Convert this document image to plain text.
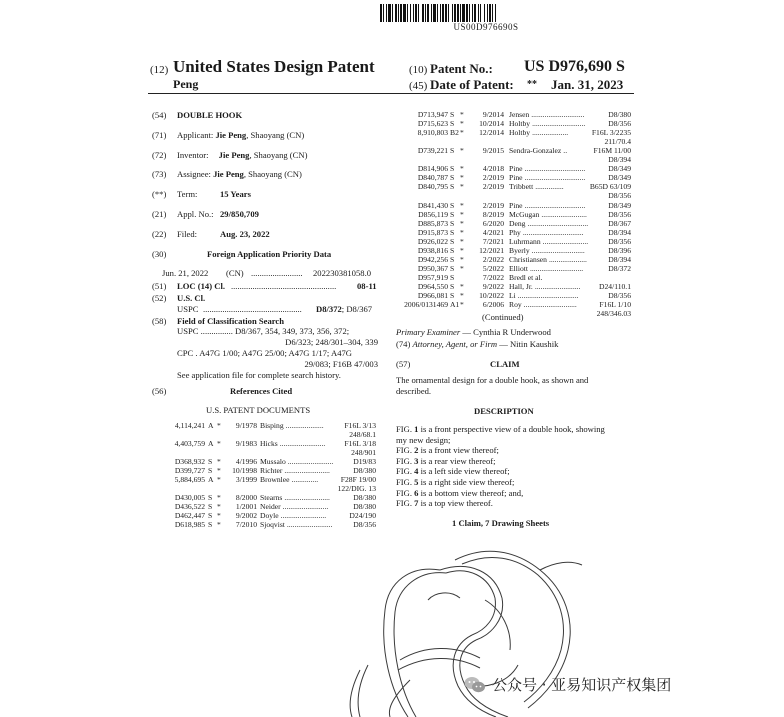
US00D976690S
(12) United States Design Patent
Peng
(10) Patent No.: US D976,690 S
(45) Date of Patent: ** Jan. 31, 2023
(54) DOUBLE HOOK
(71) Applicant: Jie Peng, Shaoyang (CN)
(72) Inventor: Jie Peng, Shaoyang (CN)
(73) Assignee: Jie Peng, Shaoyang (CN)
(**) Term:	15 Years
(21) Appl. No.: 29/850,709
(22) Filed:	Aug. 23, 2022
(30)	Foreign Application Priority Data
Jun. 21, 2022 (CN) ........................ 202230381058.0
(51) LOC (14) Cl. ................................................. 08-11
(52) U.S. Cl.
USPC .............................................. D8/372; D8/367
(58) Field of Classification Search
USPC ............... D8/367, 354, 349, 373, 356, 372;
D6/323; 248/301–304, 339
CPC . A47G 1/00; A47G 25/00; A47G 1/17; A47G
29/083; F16B 47/003
See application file for complete search history.
(56)	References Cited
U.S. PATENT DOCUMENTS
4,114,241 A *	9/1978 Bisping ....................	F16L 3/13
248/68.1
4,403,759 A *	9/1983 Hicks ........................	F16L 3/18
248/901
D368,932 S *	4/1996 Mussalo ........................	D19/83
D399,727 S *	10/1998 Richter ........................	D8/380
5,884,695 A *	3/1999 Brownlee ..............	F28F 19/00
122/DIG. 13
D430,005 S *	8/2000 Stearns ........................	D8/380
D436,522 S *	1/2001 Neider ........................	D8/380
D462,447 S *	9/2002 Doyle ........................	D24/190
D618,985 S *	7/2010 Sjoqvist ........................	D8/356
D713,947 S *	9/2014 Jensen ............................	D8/380
D715,623 S *	10/2014 Holtby ............................	D8/356
8,910,803 B2 *	12/2014 Holtby ...................	F16L 3/2235
211/70.4
D739,221 S *	9/2015 Sendra-Gonzalez ..	F16M 11/00
D8/394
D814,906 S *	4/2018 Pine ................................	D8/349
D840,787 S *	2/2019 Pine ................................	D8/349
D840,795 S *	2/2019 Tribbett ...............	B65D 63/109
D8/356
D841,430 S *	2/2019 Pine ................................	D8/349
D856,119 S *	8/2019 McGugan ........................	D8/356
D885,873 S *	6/2020 Deng ................................	D8/367
D915,873 S *	4/2021 Phy ................................	D8/394
D926,022 S *	7/2021 Luhrmann ........................	D8/356
D938,816 S *	12/2021 Byerly ............................	D8/396
D942,256 S *	2/2022 Christiansen ....................	D8/394
D950,367 S *	5/2022 Elliott ............................	D8/372
D957,919 S	7/2022 Bredl et al.
D964,550 S *	9/2022 Hall, Jr. ........................	D24/110.1
D966,081 S *	10/2022 Li ................................	D8/356
2006/0131469 A1 *	6/2006 Roy ............................	F16L 1/10
248/346.03
(Continued)
Primary Examiner — Cynthia R Underwood
(74) Attorney, Agent, or Firm — Nitin Kaushik
(57)	CLAIM
The ornamental design for a double hook, as shown and
described.
DESCRIPTION
FIG. 1 is a front perspective view of a double hook, showing
my new design;
FIG. 2 is a front view thereof;
FIG. 3 is a rear view thereof;
FIG. 4 is a left side view thereof;
FIG. 5 is a right side view thereof;
FIG. 6 is a bottom view thereof; and,
FIG. 7 is a top view thereof.
1 Claim, 7 Drawing Sheets
公众号 · 亚易知识产权集团
